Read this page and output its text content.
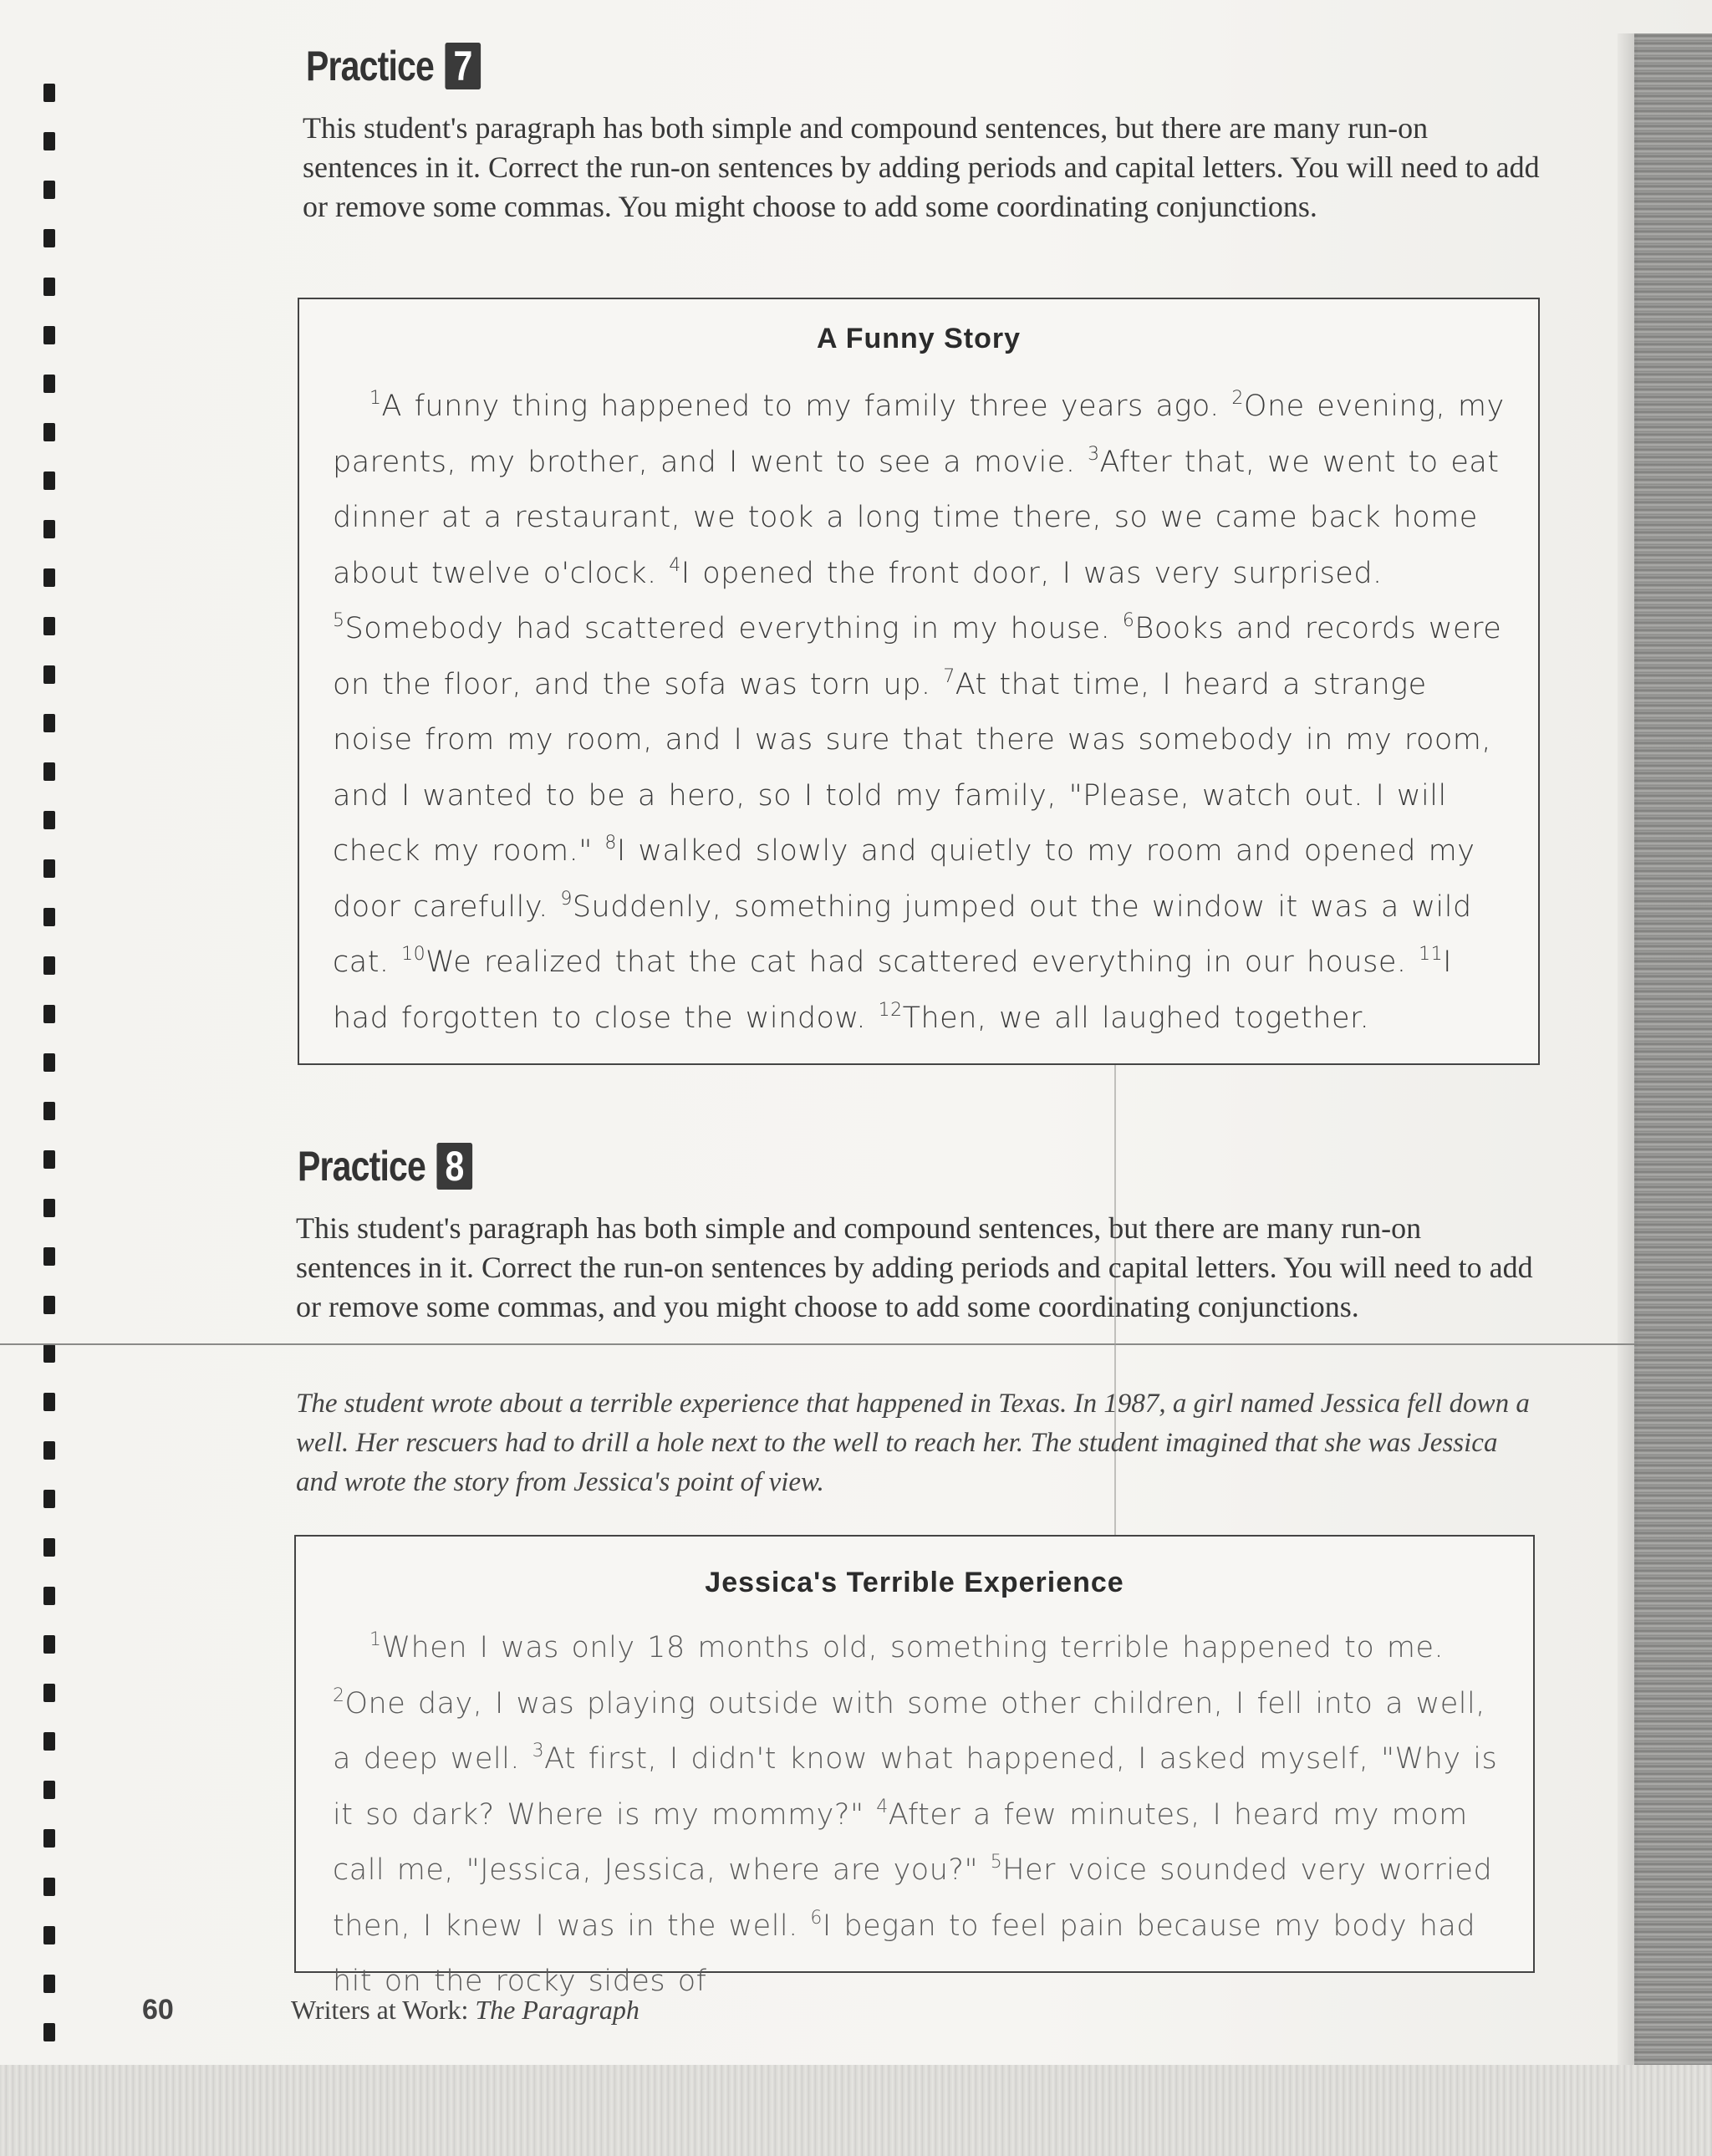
Practice 7
This student's paragraph has both simple and compound sentences, but there are many run-on sentences in it. Correct the run-on sentences by adding periods and capital letters. You will need to add or remove some commas. You might choose to add some coordinating conjunctions.
A Funny Story
$^1$A funny thing happened to my family three years ago. $^2$One evening, my parents, my brother, and I went to see a movie. $^3$After that, we went to eat dinner at a restaurant, we took a long time there, so we came back home about twelve o'clock. $^4$I opened the front door, I was very surprised. $^5$Somebody had scattered everything in my house. $^6$Books and records were on the floor, and the sofa was torn up. $^7$At that time, I heard a strange noise from my room, and I was sure that there was somebody in my room, and I wanted to be a hero, so I told my family, "Please, watch out. I will check my room." $^8$I walked slowly and quietly to my room and opened my door carefully. $^9$Suddenly, something jumped out the window it was a wild cat. $^{10}$We realized that the cat had scattered everything in our house. $^{11}$I had forgotten to close the window. $^{12}$Then, we all laughed together.
Practice 8
This student's paragraph has both simple and compound sentences, but there are many run-on sentences in it. Correct the run-on sentences by adding periods and capital letters. You will need to add or remove some commas, and you might choose to add some coordinating conjunctions.
The student wrote about a terrible experience that happened in Texas. In 1987, a girl named Jessica fell down a well. Her rescuers had to drill a hole next to the well to reach her. The student imagined that she was Jessica and wrote the story from Jessica's point of view.
Jessica's Terrible Experience
$^1$When I was only 18 months old, something terrible happened to me. $^2$One day, I was playing outside with some other children, I fell into a well, a deep well. $^3$At first, I didn't know what happened, I asked myself, "Why is it so dark? Where is my mommy?" $^4$After a few minutes, I heard my mom call me, "Jessica, Jessica, where are you?" $^5$Her voice sounded very worried then, I knew I was in the well. $^6$I began to feel pain because my body had hit on the rocky sides of
60	Writers at Work: The Paragraph
